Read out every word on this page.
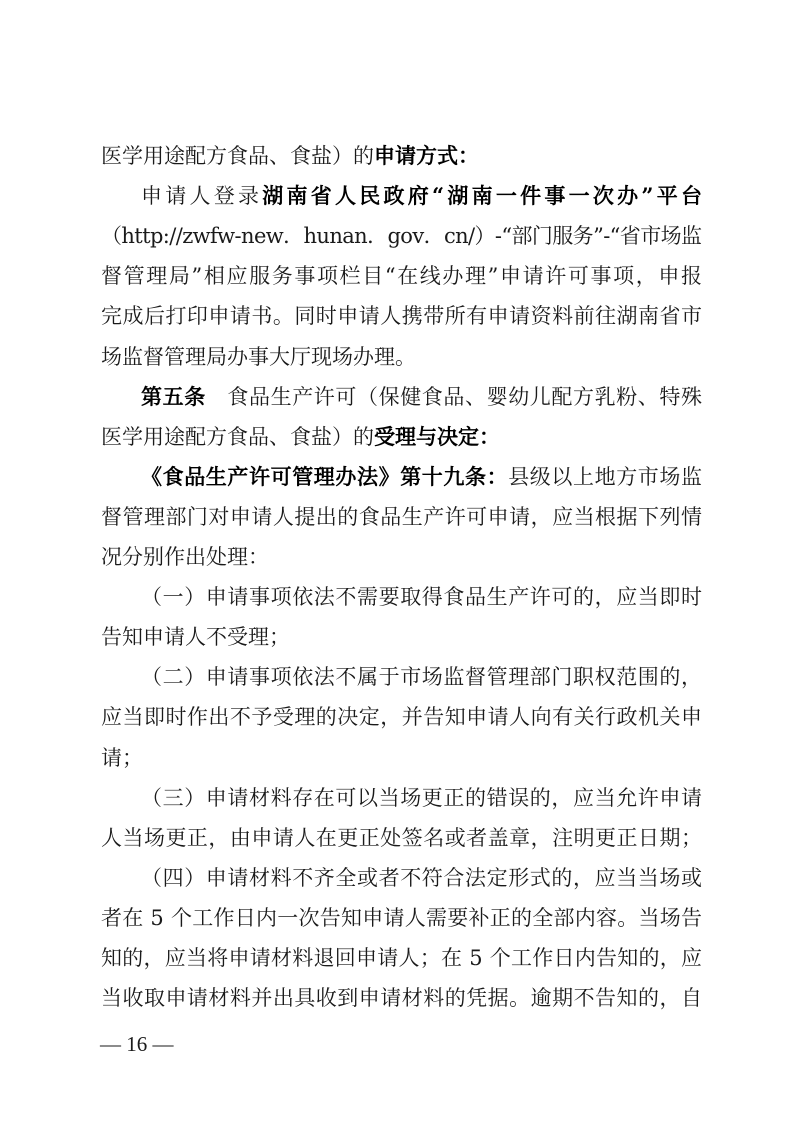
医学用途配方食品、食盐）的申请方式：
申请人登录湖南省人民政府“湖南一件事一次办”平台
（http://zwfw-new．hunan．gov．cn/）-“部门服务”-“省市场监
督管理局”相应服务事项栏目“在线办理”申请许可事项，申报
完成后打印申请书。同时申请人携带所有申请资料前往湖南省市
场监督管理局办事大厅现场办理。
第五条　食品生产许可（保健食品、婴幼儿配方乳粉、特殊
医学用途配方食品、食盐）的受理与决定：
《食品生产许可管理办法》第十九条：县级以上地方市场监
督管理部门对申请人提出的食品生产许可申请，应当根据下列情
况分别作出处理：
（一）申请事项依法不需要取得食品生产许可的，应当即时
告知申请人不受理；
（二）申请事项依法不属于市场监督管理部门职权范围的，
应当即时作出不予受理的决定，并告知申请人向有关行政机关申
请；
（三）申请材料存在可以当场更正的错误的，应当允许申请
人当场更正，由申请人在更正处签名或者盖章，注明更正日期；
（四）申请材料不齐全或者不符合法定形式的，应当当场或
者在 5 个工作日内一次告知申请人需要补正的全部内容。当场告
知的，应当将申请材料退回申请人；在 5 个工作日内告知的，应
当收取申请材料并出具收到申请材料的凭据。逾期不告知的，自
— 16 —
